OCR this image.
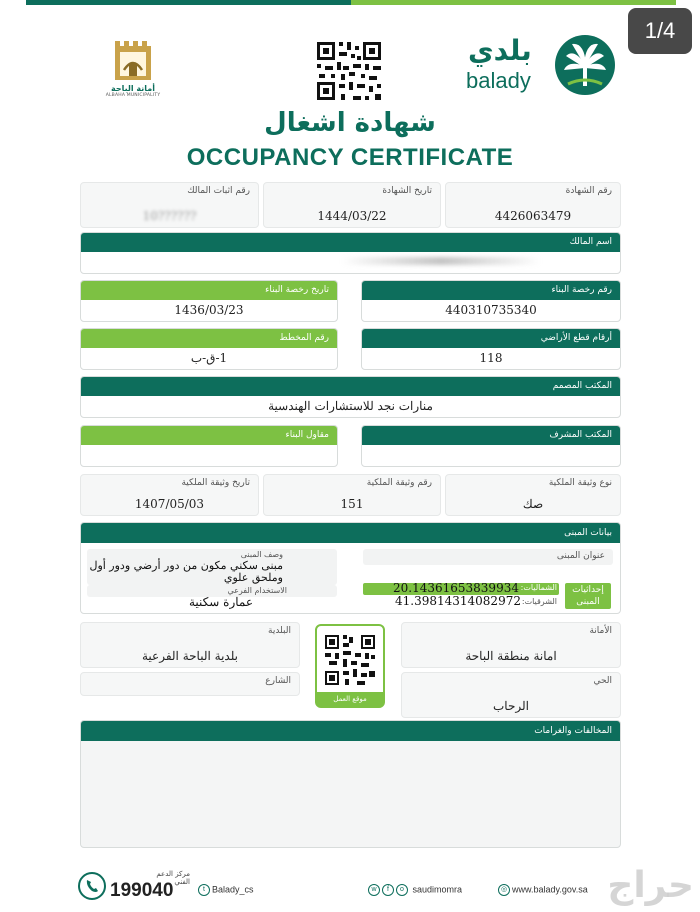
1/4
أمانة الباحة
ALBAHA MUNICIPALITY
بلدي
balady
شهادة اشغال
OCCUPANCY CERTIFICATE
رقم الشهادة
4426063479
تاريخ الشهادة
1444/03/22
رقم اثبات المالك
10??????
اسم المالك
رقم رخصة البناء
440310735340
تاريخ رخصة البناء
1436/03/23
أرقام قطع الأراضي
118
رقم المخطط
1-ق-ب
المكتب المصمم
منارات نجد للاستشارات الهندسية
المكتب المشرف
مقاول البناء
نوع وثيقة الملكية
صك
رقم وثيقة الملكية
151
تاريخ وثيقة الملكية
1407/05/03
بيانات المبنى
عنوان المبنى
إحداثيات المبنى
الشماليات:
20.14361653839934
الشرقيات:
41.39814314082972
وصف المبنى
مبنى سكني مكون من دور أرضي ودور أول وملحق علوي
الاستخدام الفرعي
عمارة سكنية
الأمانة
امانة منطقة الباحة
البلدية
بلدية الباحة الفرعية
موقع العمل
الحي
الرحاب
الشارع
المخالفات والغرامات
مركز الدعم الفني
199040	t Balady_cs	w f o saudimomra	◎ www.balady.gov.sa حراج
